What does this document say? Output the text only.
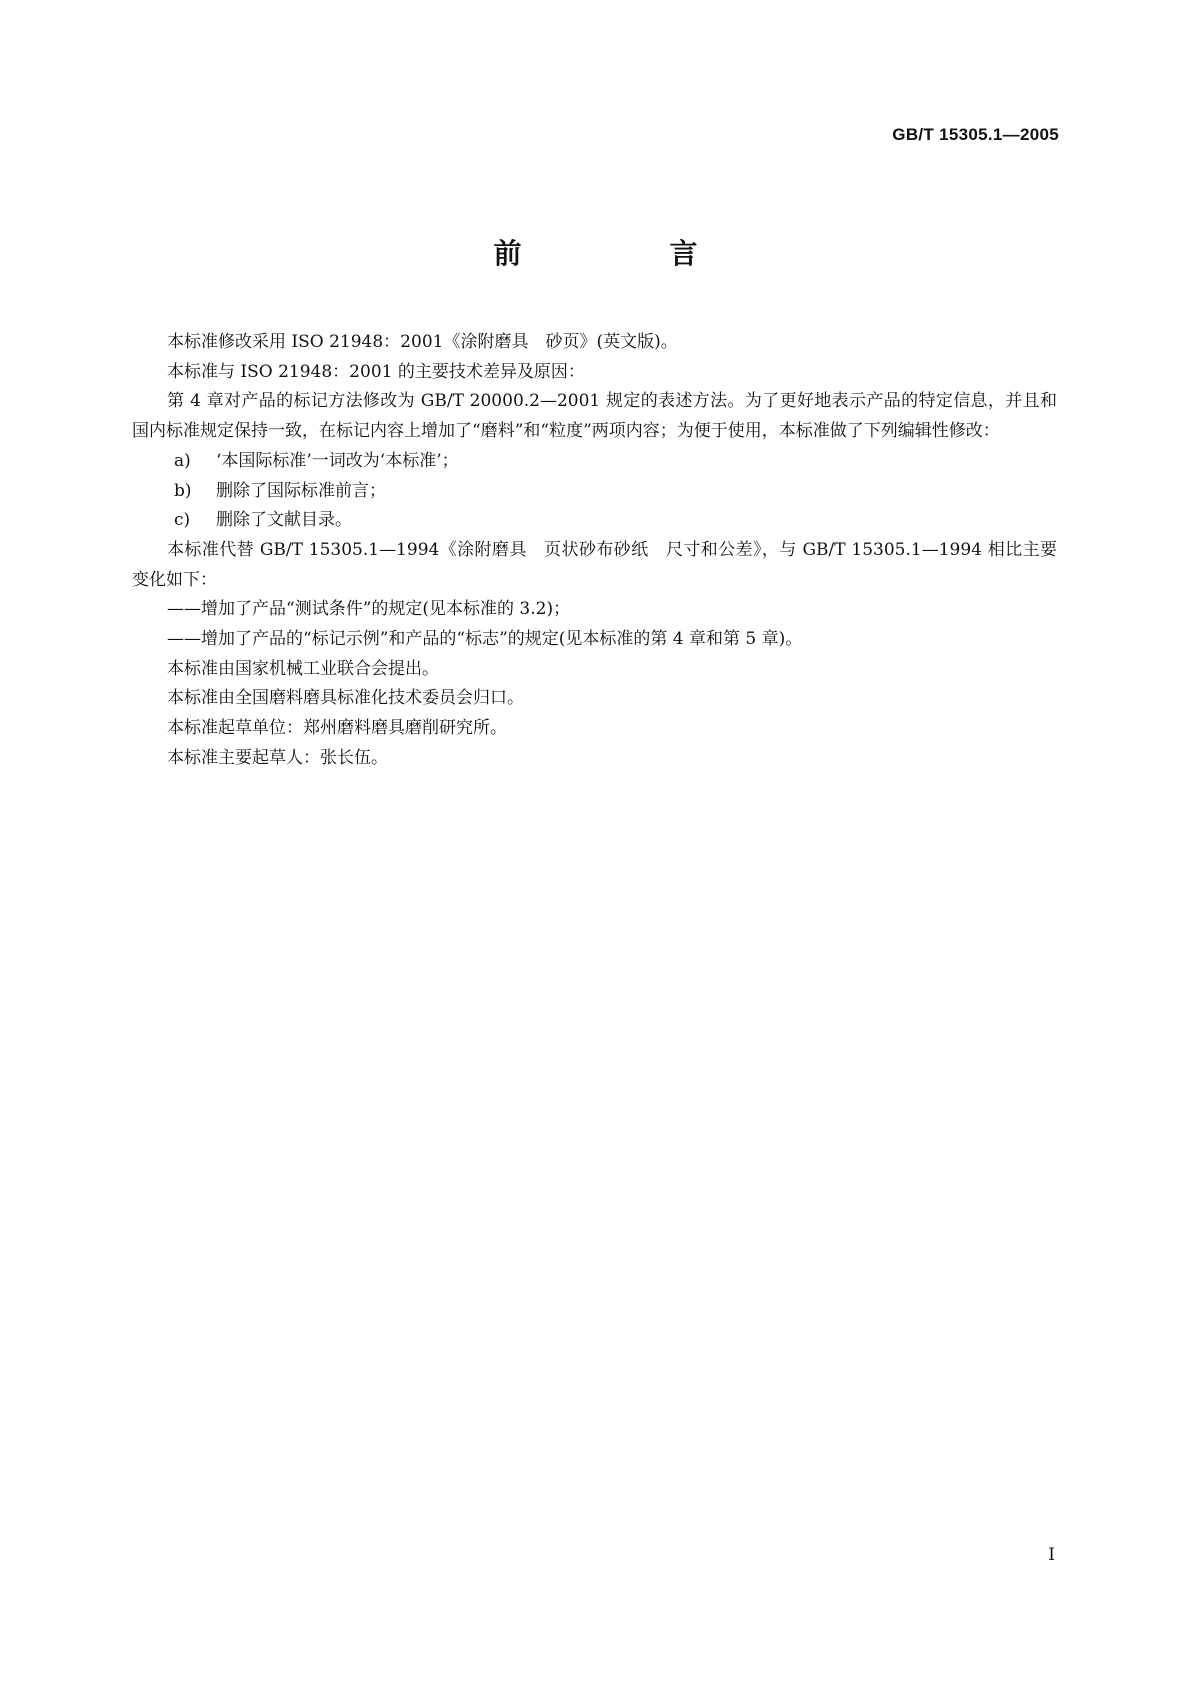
GB/T 15305.1—2005
前　言

本标准修改采用 ISO 21948：2001《涂附磨具　砂页》(英文版)。

本标准与 ISO 21948：2001 的主要技术差异及原因：

第 4 章对产品的标记方法修改为 GB/T 20000.2—2001 规定的表述方法。为了更好地表示产品的特定信息，并且和国内标准规定保持一致，在标记内容上增加了“磨料”和“粒度”两项内容；为便于使用，本标准做了下列编辑性修改：

a) ‘本国际标准’一词改为‘本标准’；

b) 删除了国际标准前言；

c) 删除了文献目录。

本标准代替 GB/T 15305.1—1994《涂附磨具　页状砂布砂纸　尺寸和公差》，与 GB/T 15305.1—1994 相比主要变化如下：

——增加了产品“测试条件”的规定(见本标准的 3.2)；

——增加了产品的“标记示例”和产品的“标志”的规定(见本标准的第 4 章和第 5 章)。

本标准由国家机械工业联合会提出。

本标准由全国磨料磨具标准化技术委员会归口。

本标准起草单位：郑州磨料磨具磨削研究所。

本标准主要起草人：张长伍。

I
